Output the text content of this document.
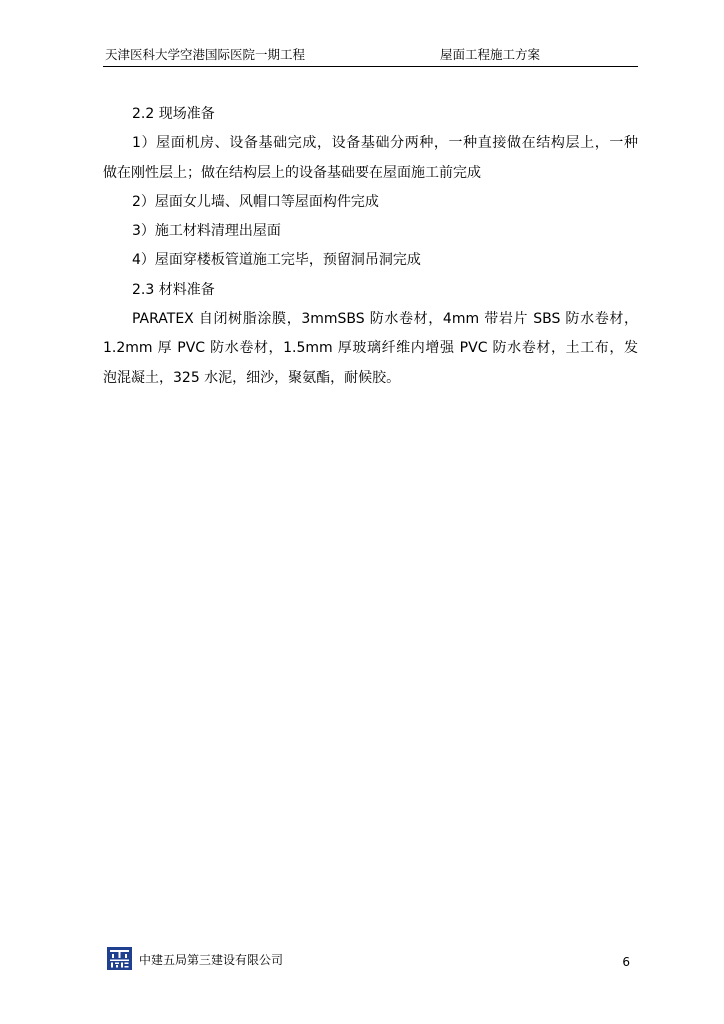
天津医科大学空港国际医院一期工程	屋面工程施工方案
2.2 现场准备
1）屋面机房、设备基础完成，设备基础分两种，一种直接做在结构层上，一种
做在刚性层上；做在结构层上的设备基础要在屋面施工前完成
2）屋面女儿墙、风帽口等屋面构件完成
3）施工材料清理出屋面
4）屋面穿楼板管道施工完毕，预留洞吊洞完成
2.3 材料准备
PARATEX 自闭树脂涂膜，3mmSBS 防水卷材，4mm 带岩片 SBS 防水卷材，
1.2mm 厚 PVC 防水卷材，1.5mm 厚玻璃纤维内增强 PVC 防水卷材，土工布，发
泡混凝土，325 水泥，细沙，聚氨酯，耐候胶。
中建五局第三建设有限公司	6
